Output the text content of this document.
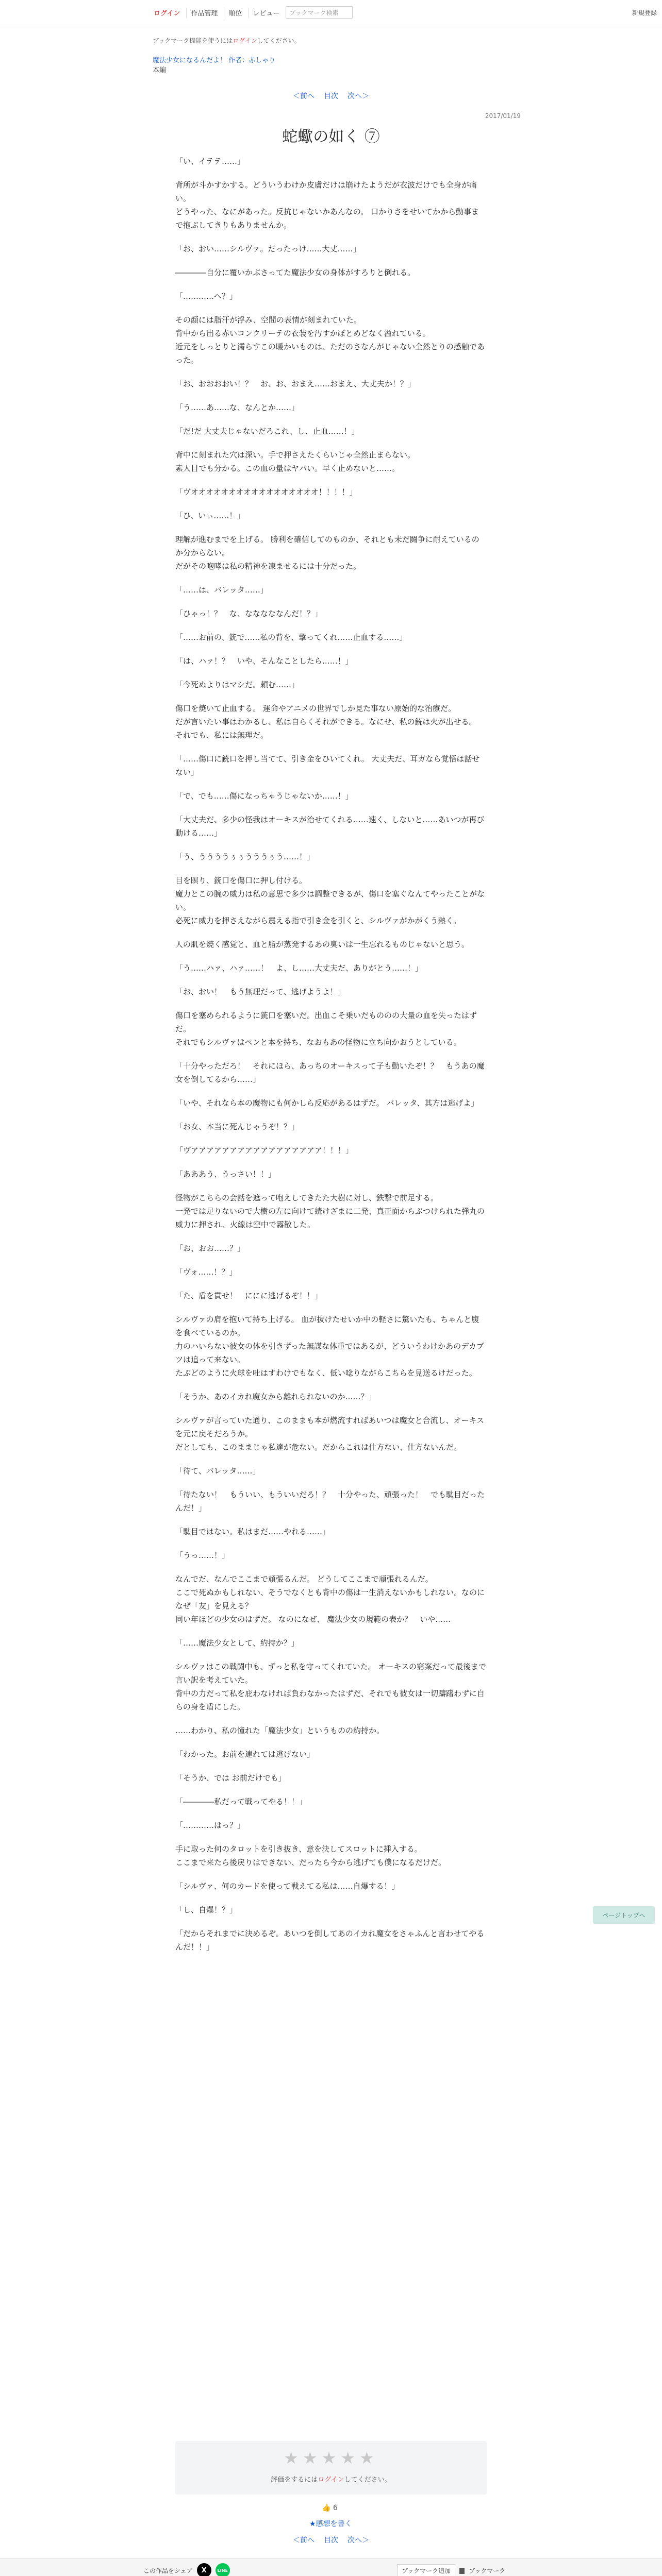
ログイン	作品管理	順位	レビュー	ブックマーク検索	新規登録
ブックマーク機能を使うにはログインしてください。
魔法少女になるんだよ！ 作者：赤しゃり
本編
＜前へ 目次 次へ＞
2017/01/19
蛇蠍の如く ⑦

「い、イテテ……」

背所が斗かすかする。どういうわけか皮膚だけは崩けたようだが衣波だけでも全身が痛い。
どうやった、なにがあった。反抗じゃないかあんなの。 口かりさをせいてかから動事まで抱ぶしてきりもありませんか。

「お、おい……シルヴァ。だったっけ……大丈……」

――――自分に覆いかぶさってた魔法少女の身体がすろりと倒れる。

「…………へ？」

その顔には脂汗が浮み、空間の表情が刻まれていた。
背中から出る赤いコンクリーテの衣装を汚すかぼとめどなく溢れている。
近元をしっとりと濡らすこの暖かいものは、ただのさなんがじゃない全然とりの感触であった。

「お、おおおおい！？　お、お、おまえ……おまえ、大丈夫か！？」

「う……あ……な、なんとか……」

「だ!だ 大丈夫じゃないだろこれ、し、止血……！」

背中に刻まれた穴は深い。手で押さえたくらいじゃ全然止まらない。
素人目でも分かる。この血の量はヤバい。早く止めないと……。

「ヴオオオオオオオオオオオオオオオオオ！！！！」

「ひ、いぃ……！」

理解が進むまでを上げる。 勝利を確信してのものか、それとも未だ闘争に耐えているのか分からない。
だがその咆哮は私の精神を凍ませるには十分だった。

「……は、バレッタ……」

「ひゃっ！？　な、なななななんだ！？」

「……お前の、銃で……私の背を、撃ってくれ……止血する……」

「は、ハァ！？　いや、そんなことしたら……！」

「今死ぬよりはマシだ。頼む……」

傷口を焼いて止血する。 運命やアニメの世界でしか見た事ない原始的な治療だ。
だが言いたい事はわかるし、私は自らくそれができる。なにせ、私の銃は火が出せる。
それでも、私には無理だ。

「……傷口に銃口を押し当てて、引き金をひいてくれ。 大丈夫だ、耳ガなら覚悟は話せない」

「で、でも……傷になっちゃうじゃないか……！」

「大丈夫だ、多少の怪我はオーキスが治せてくれる……速く、しないと……あいつが再び動ける……」

「う、ううううぅぅうううぅう……！」

目を瞑り、銃口を傷口に押し付ける。
魔力とこの腕の威力は私の意思で多少は調整できるが、傷口を塞ぐなんてやったことがない。
必死に威力を押さえながら震える指で引き金を引くと、シルヴァがかがくう熱く。

人の肌を焼く感覚と、血と脂が蒸発するあの臭いは一生忘れるものじゃないと思う。

「う……ハァ、ハァ……！　よ、し……大丈夫だ、ありがとう……！」

「お、おい！　もう無理だって、逃げようよ！」

傷口を塞められるように銃口を塞いだ。出血こそ乗いだもののの大量の血を失ったはずだ。
それでもシルヴァはペンと本を持ち、なおもあの怪物に立ち向かおうとしている。

「十分やっただろ！　それにほら、あっちのオーキスって子も動いたぞ！？　もうあの魔女を倒してるから……」

「いや、それなら本の魔物にも何かしら反応があるはずだ。 バレッタ、其方は逃げよ」

「お女、本当に死んじゃうぞ！？」

「ヴアアアアアアアアアアアアアアアアア！！！」

「あああう、うっさい！！」

怪物がこちらの会話を遮って咆えしてきたた大樹に対し、鉄撃で前足する。
一発では足りないので大樹の左に向けて続けざまに二発、真正面からぶつけられた弾丸の威力に押され、火線は空中で霧散した。

「お、おお……？」

「ヴォ……！？」

「た、盾を貫せ！　ににに逃げるぞ！！」

シルヴァの肩を抱いて持ち上げる。 血が抜けたせいか中の軽さに驚いたも、ちゃんと腹を食べているのか。
力のハいらない彼女の体を引きずった無謀な体重ではあるが、どういうわけかあのデカブツは追って来ない。
たぶどのように火球を吐はすわけでもなく、低い唸りながらこちらを見送るけだった。

「そうか、あのイカれ魔女から離れられないのか……？」

シルヴァが言っていた通り、このままも本が燃流すればあいつは魔女と合流し、オーキスを元に戻そだろうか。
だとしても、このままじゃ私達が危ない。だからこれは仕方ない、仕方ないんだ。

「待て、バレッタ……」

「待たない！　もういい、もういいだろ！？　十分やった、頑張った！　でも駄目だったんだ！」

「駄目ではない。私はまだ……やれる……」

「うっ……！」

なんでだ、なんでここまで頑張るんだ。 どうしてここまで頑張れるんだ。
ここで死ぬかもしれない、そうでなくとも背中の傷は一生消えないかもしれない。なのになぜ「友」を見える？
同い年ほどの少女のはずだ。 なのになぜ、 魔法少女の規範の表か？　いや……

「……魔法少女として、約持か？」

シルヴァはこの戦闘中も、ずっと私を守ってくれていた。 オーキスの窮案だって最後まで言い訳を考えていた。
背中の力だって私を庇わなければ負わなかったはずだ、それでも彼女は一切躊躇わずに自らの身を盾にした。

……わかり、私の憧れた「魔法少女」というものの約持か。

「わかった。お前を連れては逃げない」

「そうか、では お前だけでも」

「――――私だって戦ってやる！！」

「…………はっ？」

手に取った何のタロットを引き抜き、意を決してスロットに挿入する。
ここまで来たら後戻りはできない、だったら今から逃げても僕になるだけだ。

「シルヴァ、何のカードを使って戦えてる私は……自爆する！」

「し、自爆！？」

「だからそれまでに決めるぞ。あいつを倒してあのイカれ魔女をさゃふんと言わせてやるんだ！！」

ページトップへ
★★★★★
評価をするにはログインしてください。
👍 6
★感想を書く
＜前へ 目次 次へ＞
この作品をシェア	X	LINE	ブックマーク追加	ブックマーク
